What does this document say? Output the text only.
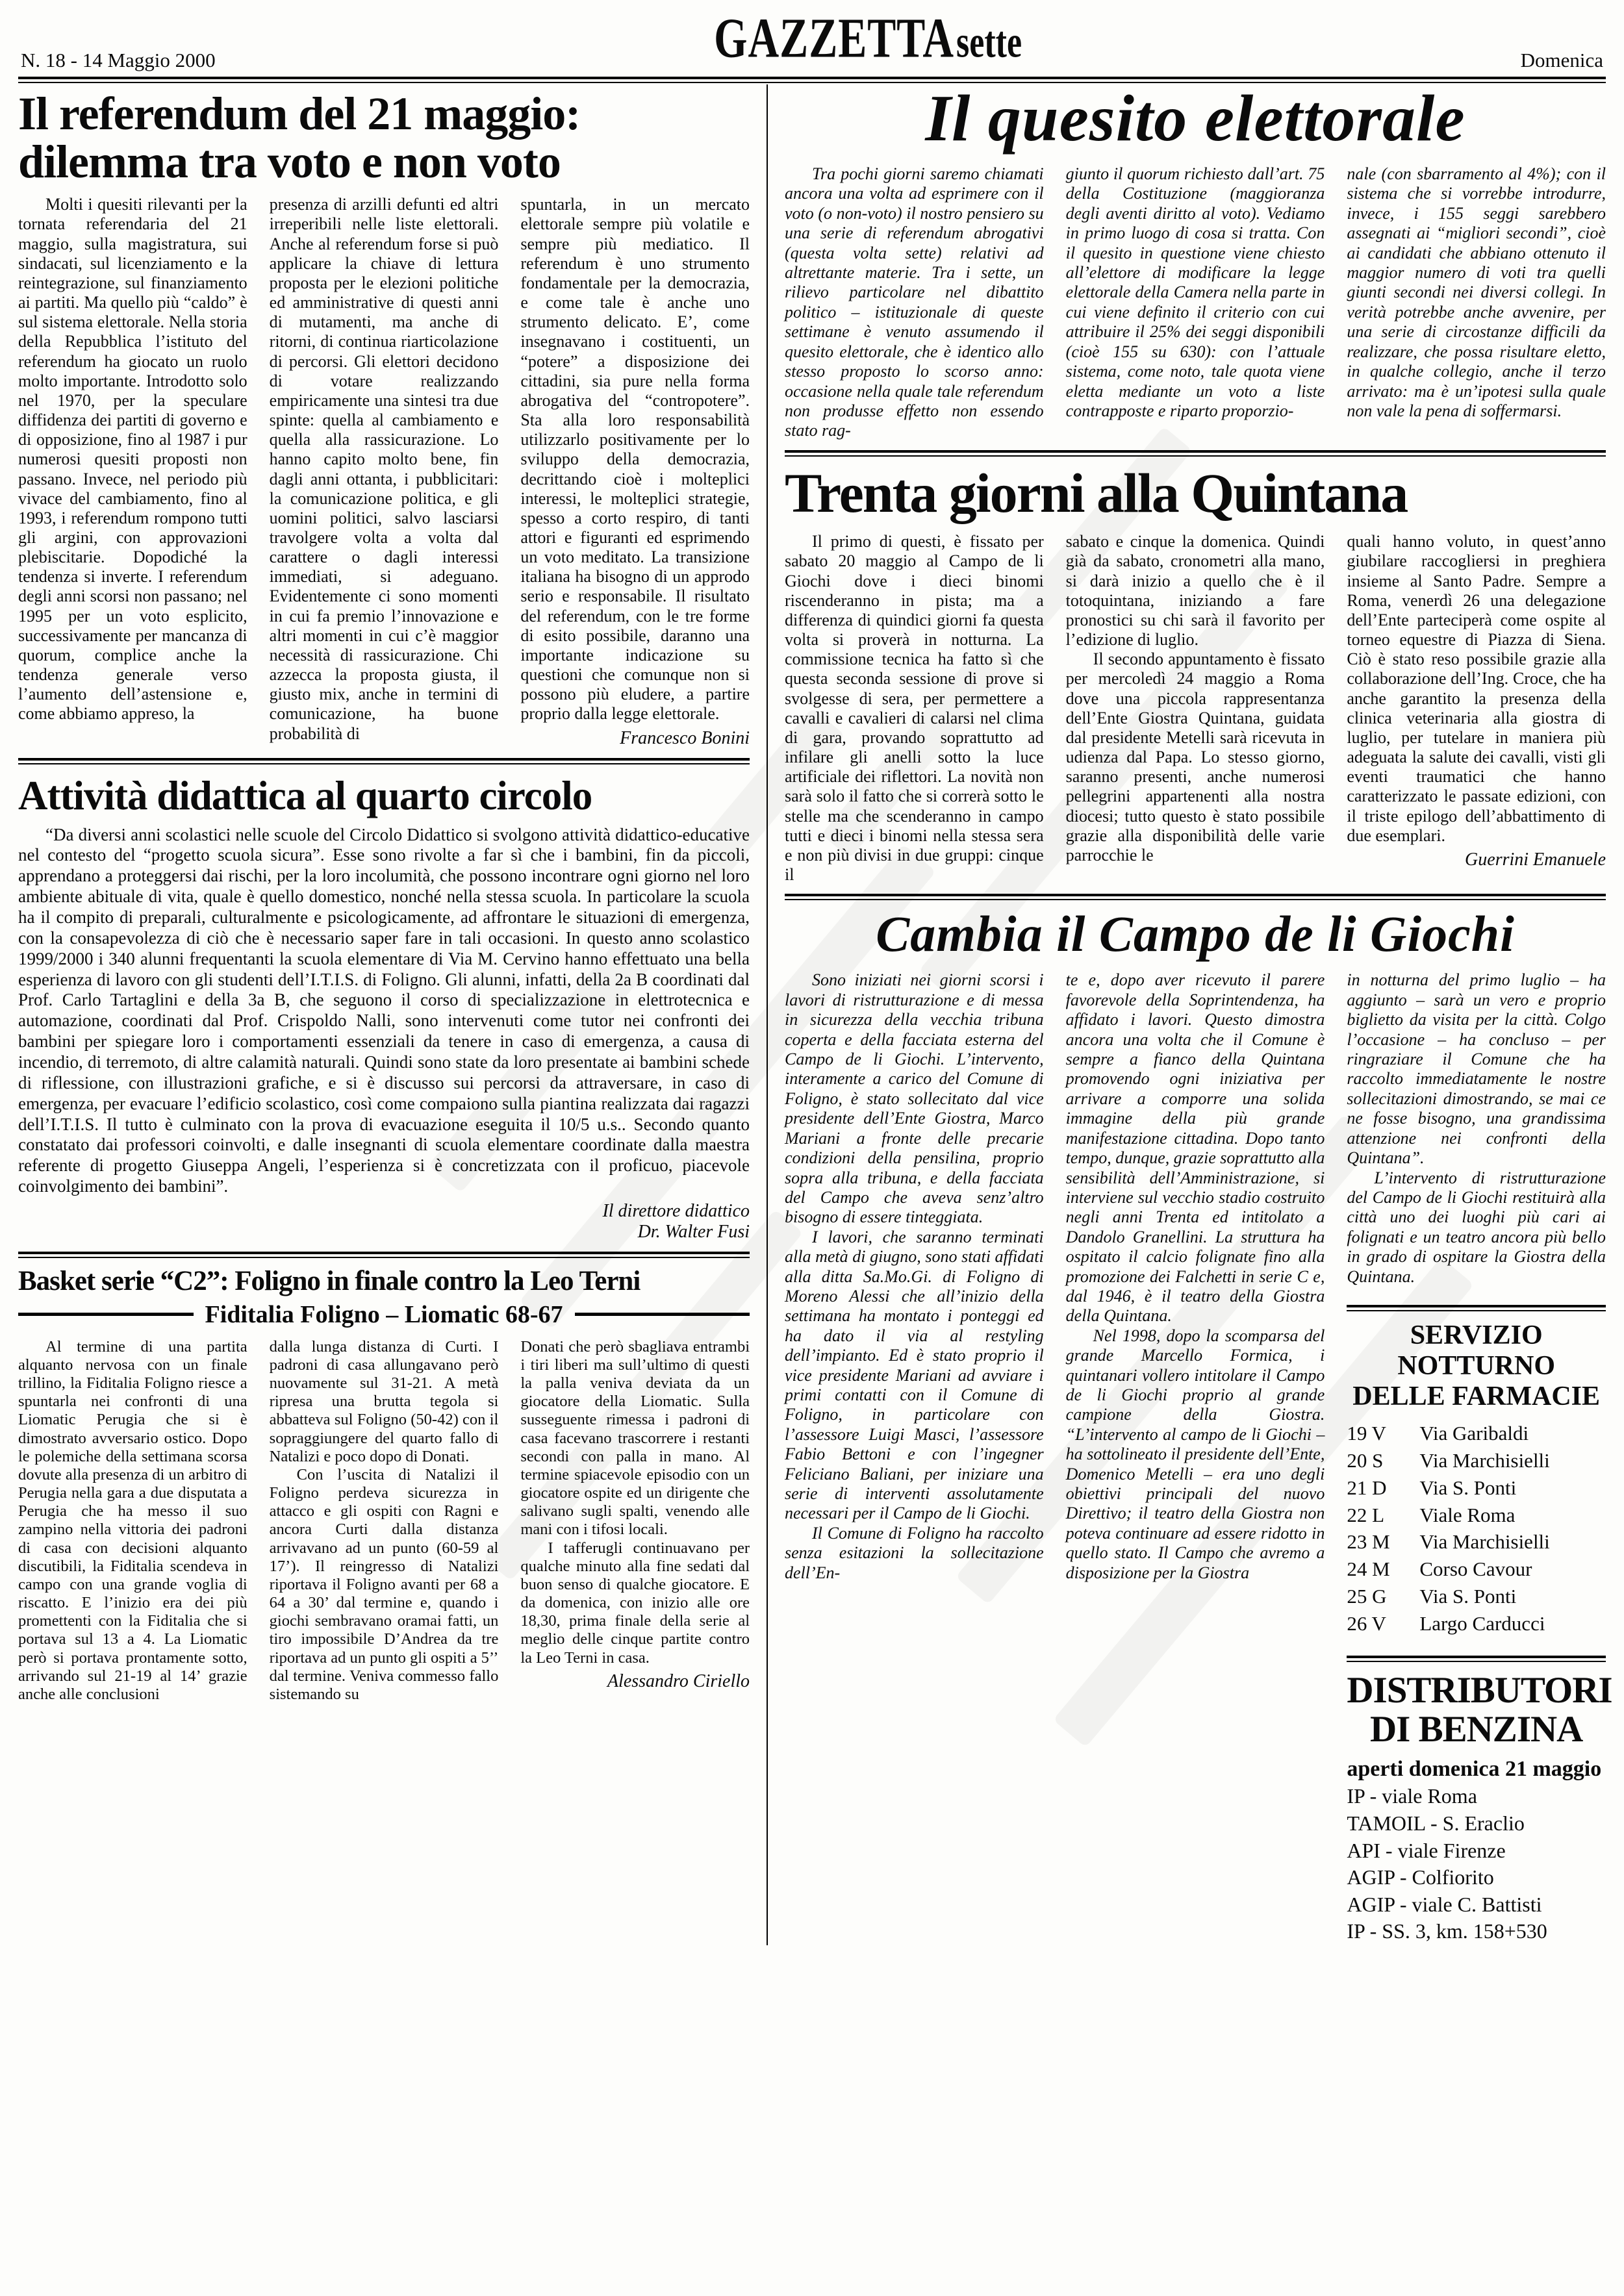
N. 18 - 14 Maggio 2000	GAZZETTAsette	Domenica
Il referendum del 21 maggio:
dilemma tra voto e non voto

Molti i quesiti rilevanti per la tornata referendaria del 21 maggio, sulla magistratura, sui sindacati, sul licenziamento e la reintegrazione, sul finanziamento ai partiti. Ma quello più “caldo” è sul sistema elettorale. Nella storia della Repubblica l’istituto del referendum ha giocato un ruolo molto importante. Introdotto solo nel 1970, per la speculare diffidenza dei partiti di governo e di opposizione, fino al 1987 i pur numerosi quesiti proposti non passano. Invece, nel periodo più vivace del cambiamento, fino al 1993, i referendum rompono tutti gli argini, con approvazioni plebiscitarie. Dopodiché la tendenza si inverte. I referendum degli anni scorsi non passano; nel 1995 per un voto esplicito, successivamente per mancanza di quorum, complice anche la tendenza generale verso l’aumento dell’astensione e, come abbiamo appreso, la

presenza di arzilli defunti ed altri irreperibili nelle liste elettorali. Anche al referendum forse si può applicare la chiave di lettura proposta per le elezioni politiche ed amministrative di questi anni di mutamenti, ma anche di ritorni, di continua riarticolazione di percorsi. Gli elettori decidono di votare realizzando empiricamente una sintesi tra due spinte: quella al cambiamento e quella alla rassicurazione. Lo hanno capito molto bene, fin dagli anni ottanta, i pubblicitari: la comunicazione politica, e gli uomini politici, salvo lasciarsi travolgere volta a volta dal carattere o dagli interessi immediati, si adeguano. Evidentemente ci sono momenti in cui fa premio l’innovazione e altri momenti in cui c’è maggior necessità di rassicurazione. Chi azzecca la proposta giusta, il giusto mix, anche in termini di comunicazione, ha buone probabilità di

spuntarla, in un mercato elettorale sempre più volatile e sempre più mediatico. Il referendum è uno strumento fondamentale per la democrazia, e come tale è anche uno strumento delicato. E’, come insegnavano i costituenti, un “potere” a disposizione dei cittadini, sia pure nella forma abrogativa del “contropotere”. Sta alla loro responsabilità utilizzarlo positivamente per lo sviluppo della democrazia, decrittando cioè i molteplici interessi, le molteplici strategie, spesso a corto respiro, di tanti attori e figuranti ed esprimendo un voto meditato. La transizione italiana ha bisogno di un approdo serio e responsabile. Il risultato del referendum, con le tre forme di esito possibile, daranno una importante indicazione su questioni che comunque non si possono più eludere, a partire proprio dalla legge elettorale.

Francesco Bonini
Attività didattica al quarto circolo

“Da diversi anni scolastici nelle scuole del Circolo Didattico si svolgono attività didattico-educative nel contesto del “progetto scuola sicura”. Esse sono rivolte a far sì che i bambini, fin da piccoli, apprendano a proteggersi dai rischi, per la loro incolumità, che possono incontrare ogni giorno nel loro ambiente abituale di vita, quale è quello domestico, nonché nella stessa scuola. In particolare la scuola ha il compito di preparali, culturalmente e psicologicamente, ad affrontare le situazioni di emergenza, con la consapevolezza di ciò che è necessario saper fare in tali occasioni. In questo anno scolastico 1999/2000 i 340 alunni frequentanti la scuola elementare di Via M. Cervino hanno effettuato una bella esperienza di lavoro con gli studenti dell’I.T.I.S. di Foligno. Gli alunni, infatti, della 2a B coordinati dal Prof. Carlo Tartaglini e della 3a B, che seguono il corso di specializzazione in elettrotecnica e automazione, coordinati dal Prof. Crispoldo Nalli, sono intervenuti come tutor nei confronti dei bambini per spiegare loro i comportamenti essenziali da tenere in caso di emergenza, a causa di incendio, di terremoto, di altre calamità naturali. Quindi sono state da loro presentate ai bambini schede di riflessione, con illustrazioni grafiche, e si è discusso sui percorsi da attraversare, in caso di emergenza, per evacuare l’edificio scolastico, così come compaiono sulla piantina realizzata dai ragazzi dell’I.T.I.S. Il tutto è culminato con la prova di evacuazione eseguita il 10/5 u.s.. Secondo quanto constatato dai professori coinvolti, e dalle insegnanti di scuola elementare coordinate dalla maestra referente di progetto Giuseppa Angeli, l’esperienza si è concretizzata con il proficuo, piacevole coinvolgimento dei bambini”.

Il direttore didattico
Dr. Walter Fusi
Basket serie “C2”: Foligno in finale contro la Leo Terni
Fiditalia Foligno – Liomatic 68-67

Al termine di una partita alquanto nervosa con un finale trillino, la Fiditalia Foligno riesce a spuntarla nei confronti di una Liomatic Perugia che si è dimostrato avversario ostico. Dopo le polemiche della settimana scorsa dovute alla presenza di un arbitro di Perugia nella gara a due disputata a Perugia che ha messo il suo zampino nella vittoria dei padroni di casa con decisioni alquanto discutibili, la Fiditalia scendeva in campo con una grande voglia di riscatto. E l’inizio era dei più promettenti con la Fiditalia che si portava sul 13 a 4. La Liomatic però si portava prontamente sotto, arrivando sul 21-19 al 14’ grazie anche alle conclusioni

dalla lunga distanza di Curti. I padroni di casa allungavano però nuovamente sul 31-21. A metà ripresa una brutta tegola si abbatteva sul Foligno (50-42) con il sopraggiungere del quarto fallo di Natalizi e poco dopo di Donati.

Con l’uscita di Natalizi il Foligno perdeva sicurezza in attacco e gli ospiti con Ragni e ancora Curti dalla distanza arrivavano ad un punto (60-59 al 17’). Il reingresso di Natalizi riportava il Foligno avanti per 68 a 64 a 30’ dal termine e, quando i giochi sembravano oramai fatti, un tiro impossibile D’Andrea da tre riportava ad un punto gli ospiti a 5’’ dal termine. Veniva commesso fallo sistemando su

Donati che però sbagliava entrambi i tiri liberi ma sull’ultimo di questi la palla veniva deviata da un giocatore della Liomatic. Sulla susseguente rimessa i padroni di casa facevano trascorrere i restanti secondi con palla in mano. Al termine spiacevole episodio con un giocatore ospite ed un dirigente che salivano sugli spalti, venendo alle mani con i tifosi locali.

I tafferugli continuavano per qualche minuto alla fine sedati dal buon senso di qualche giocatore. E da domenica, con inizio alle ore 18,30, prima finale della serie al meglio delle cinque partite contro la Leo Terni in casa.

Alessandro Ciriello
Il quesito elettorale

Tra pochi giorni saremo chiamati ancora una volta ad esprimere con il voto (o non-voto) il nostro pensiero su una serie di referendum abrogativi (questa volta sette) relativi ad altrettante materie. Tra i sette, un rilievo particolare nel dibattito politico – istituzionale di queste settimane è venuto assumendo il quesito elettorale, che è identico allo stesso proposto lo scorso anno: occasione nella quale tale referendum non produsse effetto non essendo stato rag-

giunto il quorum richiesto dall’art. 75 della Costituzione (maggioranza degli aventi diritto al voto). Vediamo in primo luogo di cosa si tratta. Con il quesito in questione viene chiesto all’elettore di modificare la legge elettorale della Camera nella parte in cui viene definito il criterio con cui attribuire il 25% dei seggi disponibili (cioè 155 su 630): con l’attuale sistema, come noto, tale quota viene eletta mediante un voto a liste contrapposte e riparto proporzio-

nale (con sbarramento al 4%); con il sistema che si vorrebbe introdurre, invece, i 155 seggi sarebbero assegnati ai “migliori secondi”, cioè ai candidati che abbiano ottenuto il maggior numero di voti tra quelli giunti secondi nei diversi collegi. In verità potrebbe anche avvenire, per una serie di circostanze difficili da realizzare, che possa risultare eletto, in qualche collegio, anche il terzo arrivato: ma è un’ipotesi sulla quale non vale la pena di soffermarsi.

Trenta giorni alla Quintana

Il primo di questi, è fissato per sabato 20 maggio al Campo de li Giochi dove i dieci binomi riscenderanno in pista; ma a differenza di quindici giorni fa questa volta si proverà in notturna. La commissione tecnica ha fatto sì che questa seconda sessione di prove si svolgesse di sera, per permettere a cavalli e cavalieri di calarsi nel clima di gara, provando soprattutto ad infilare gli anelli sotto la luce artificiale dei riflettori. La novità non sarà solo il fatto che si correrà sotto le stelle ma che scenderanno in campo tutti e dieci i binomi nella stessa sera e non più divisi in due gruppi: cinque il

sabato e cinque la domenica. Quindi già da sabato, cronometri alla mano, si darà inizio a quello che è il totoquintana, iniziando a fare pronostici su chi sarà il favorito per l’edizione di luglio.

Il secondo appuntamento è fissato per mercoledì 24 maggio a Roma dove una piccola rappresentanza dell’Ente Giostra Quintana, guidata dal presidente Metelli sarà ricevuta in udienza dal Papa. Lo stesso giorno, saranno presenti, anche numerosi pellegrini appartenenti alla nostra diocesi; tutto questo è stato possibile grazie alla disponibilità delle varie parrocchie le

quali hanno voluto, in quest’anno giubilare raccogliersi in preghiera insieme al Santo Padre. Sempre a Roma, venerdì 26 una delegazione dell’Ente parteciperà come ospite al torneo equestre di Piazza di Siena. Ciò è stato reso possibile grazie alla collaborazione dell’Ing. Croce, che ha anche garantito la presenza della clinica veterinaria alla giostra di luglio, per tutelare in maniera più adeguata la salute dei cavalli, visti gli eventi traumatici che hanno caratterizzato le passate edizioni, con il triste epilogo dell’abbattimento di due esemplari.

Guerrini Emanuele
Cambia il Campo de li Giochi

Sono iniziati nei giorni scorsi i lavori di ristrutturazione e di messa in sicurezza della vecchia tribuna coperta e della facciata esterna del Campo de li Giochi. L’intervento, interamente a carico del Comune di Foligno, è stato sollecitato dal vice presidente dell’Ente Giostra, Marco Mariani a fronte delle precarie condizioni della pensilina, proprio sopra alla tribuna, e della facciata del Campo che aveva senz’altro bisogno di essere tinteggiata.

I lavori, che saranno terminati alla metà di giugno, sono stati affidati alla ditta Sa.Mo.Gi. di Foligno di Moreno Alessi che all’inizio della settimana ha montato i ponteggi ed ha dato il via al restyling dell’impianto. Ed è stato proprio il vice presidente Mariani ad avviare i primi contatti con il Comune di Foligno, in particolare con l’assessore Luigi Masci, l’assessore Fabio Bettoni e con l’ingegner Feliciano Baliani, per iniziare una serie di interventi assolutamente necessari per il Campo de li Giochi.

Il Comune di Foligno ha raccolto senza esitazioni la sollecitazione dell’En-

te e, dopo aver ricevuto il parere favorevole della Soprintendenza, ha affidato i lavori. Questo dimostra ancora una volta che il Comune è sempre a fianco della Quintana promovendo ogni iniziativa per arrivare a comporre una solida immagine della più grande manifestazione cittadina. Dopo tanto tempo, dunque, grazie soprattutto alla sensibilità dell’Amministrazione, si interviene sul vecchio stadio costruito negli anni Trenta ed intitolato a Dandolo Granellini. La struttura ha ospitato il calcio folignate fino alla promozione dei Falchetti in serie C e, dal 1946, è il teatro della Giostra della Quintana.

Nel 1998, dopo la scomparsa del grande Marcello Formica, i quintanari vollero intitolare il Campo de li Giochi proprio al grande campione della Giostra. “L’intervento al campo de li Giochi – ha sottolineato il presidente dell’Ente, Domenico Metelli – era uno degli obiettivi principali del nuovo Direttivo; il teatro della Giostra non poteva continuare ad essere ridotto in quello stato. Il Campo che avremo a disposizione per la Giostra

in notturna del primo luglio – ha aggiunto – sarà un vero e proprio biglietto da visita per la città. Colgo l’occasione – ha concluso – per ringraziare il Comune che ha raccolto immediatamente le nostre sollecitazioni dimostrando, se mai ce ne fosse bisogno, una grandissima attenzione nei confronti della Quintana”.

L’intervento di ristrutturazione del Campo de li Giochi restituirà alla città uno dei luoghi più cari ai folignati e un teatro ancora più bello in grado di ospitare la Giostra della Quintana.

SERVIZIO NOTTURNO
DELLE FARMACIE
19 V	Via Garibaldi
20 S	Via Marchisielli
21 D	Via S. Ponti
22 L	Viale Roma
23 M	Via Marchisielli
24 M	Corso Cavour
25 G	Via S. Ponti
26 V	Largo Carducci
DISTRIBUTORI
DI BENZINA
aperti domenica 21 maggio

IP - viale Roma

TAMOIL - S. Eraclio

API - viale Firenze

AGIP - Colfiorito

AGIP - viale C. Battisti

IP - SS. 3, km. 158+530
